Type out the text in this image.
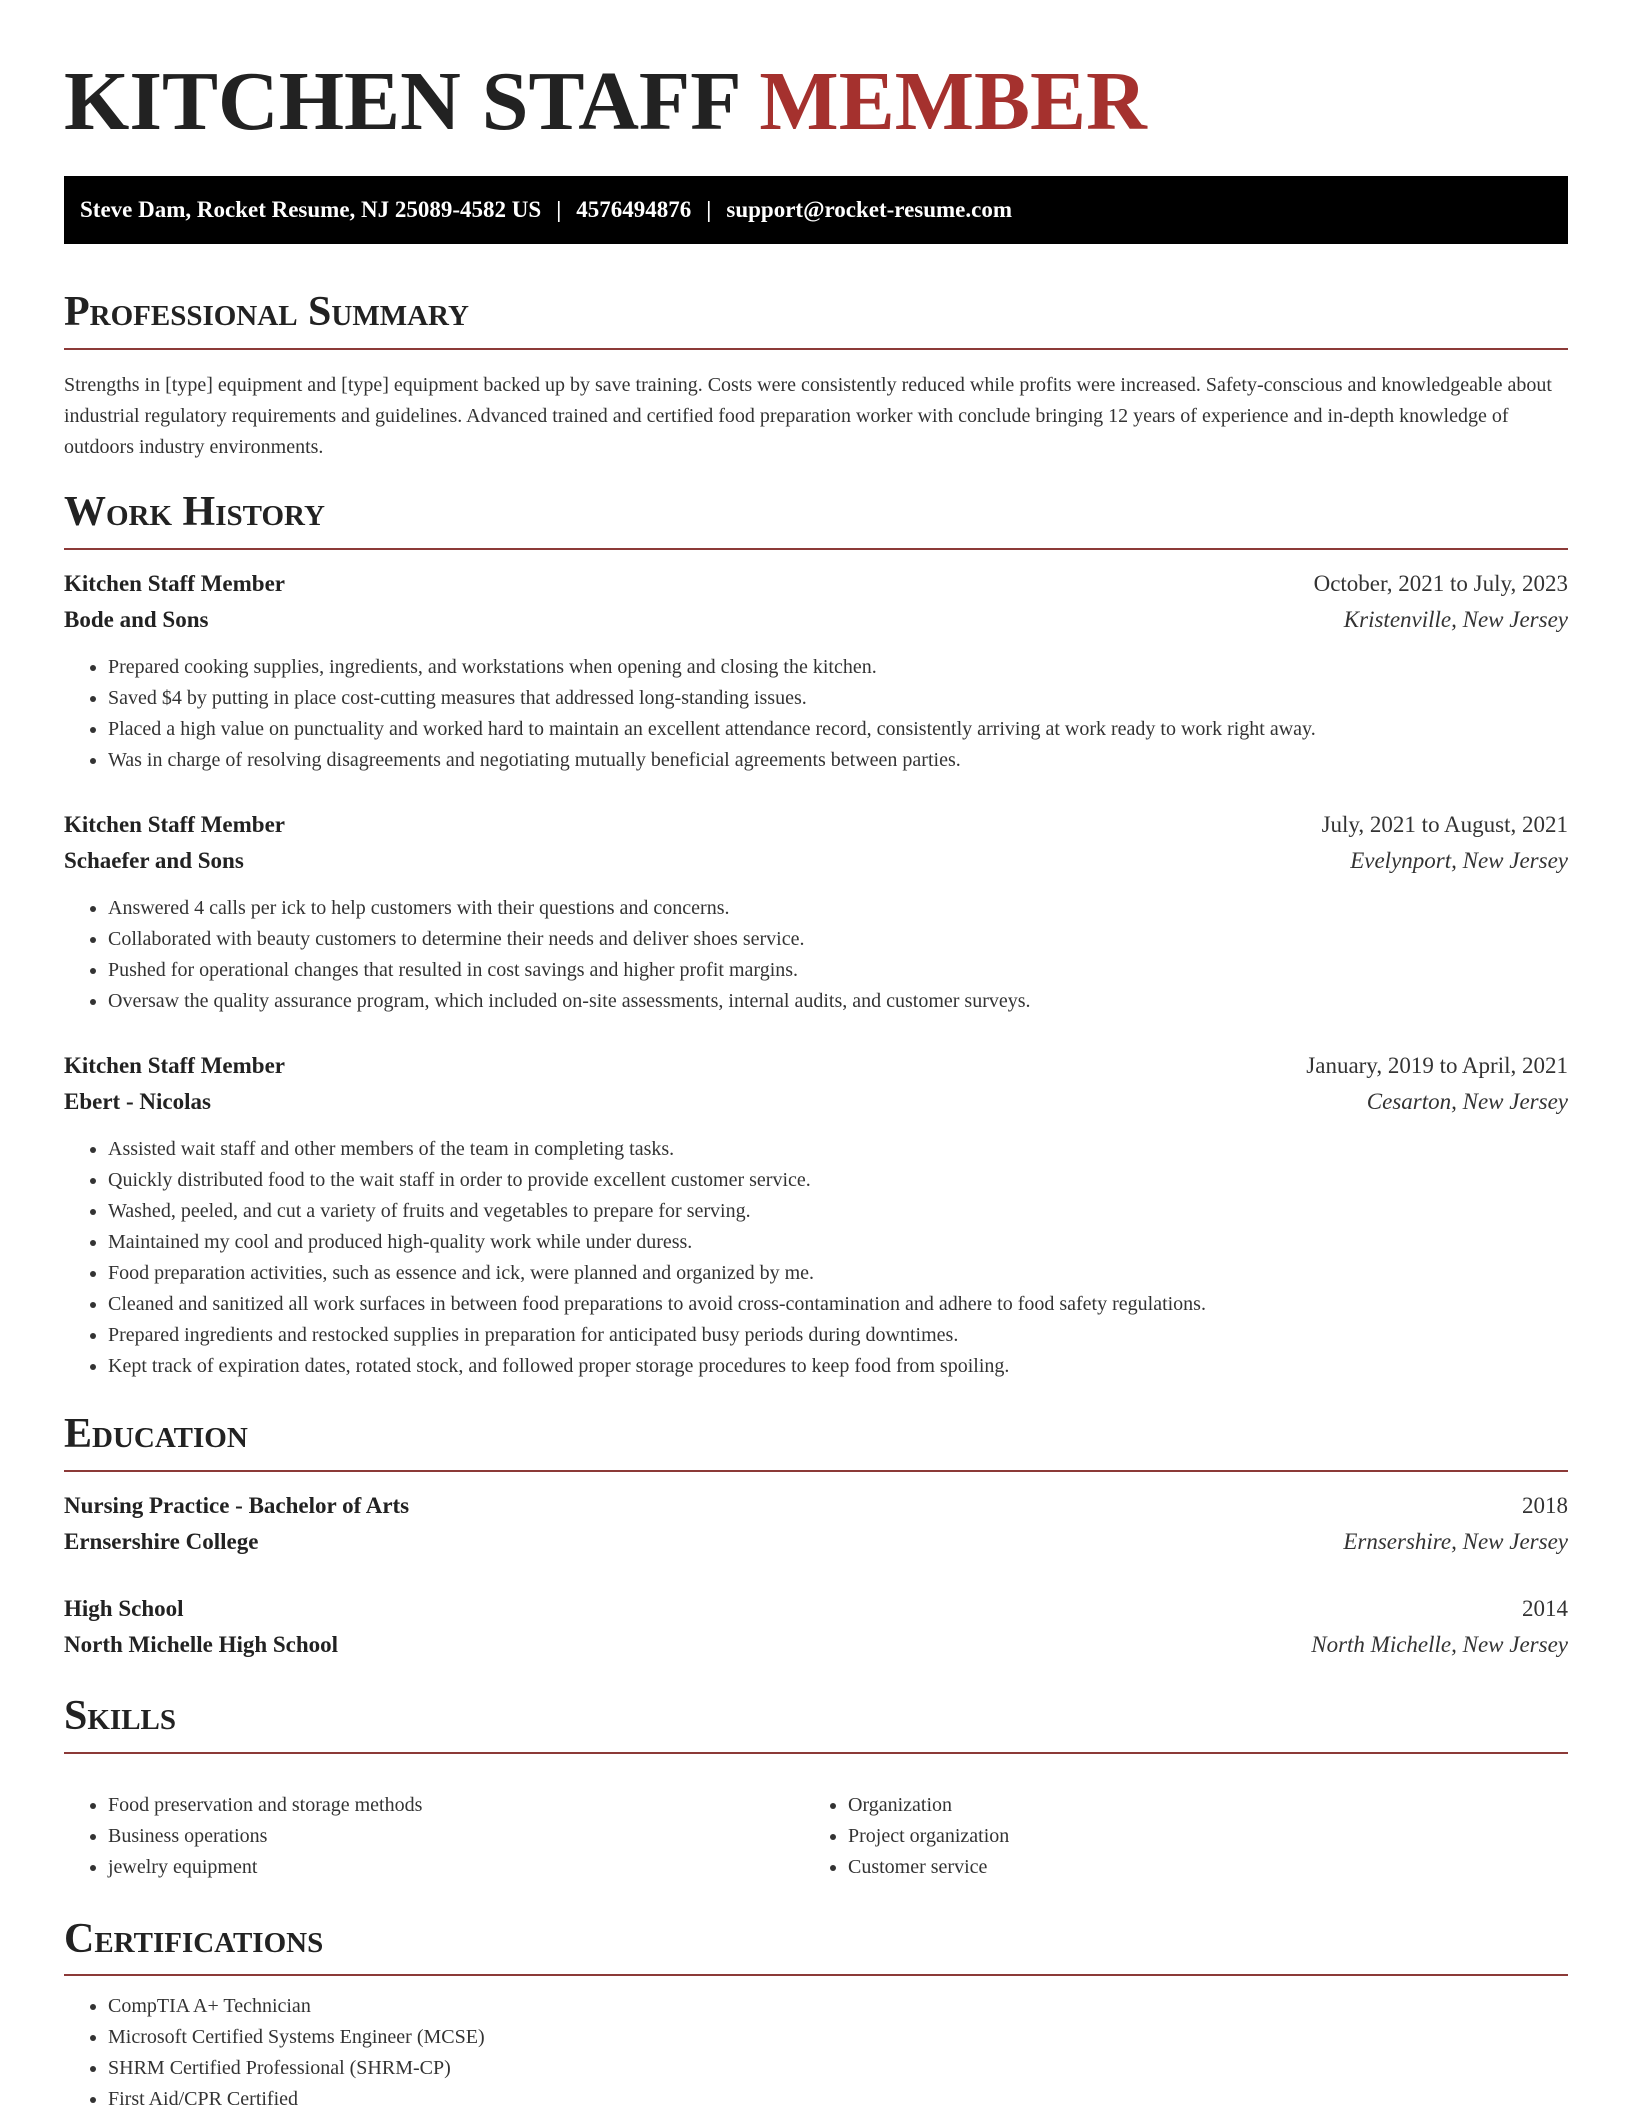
KITCHEN STAFF MEMBER
Steve Dam, Rocket Resume, NJ 25089-4582 US | 4576494876 | support@rocket-resume.com
Professional Summary

Strengths in [type] equipment and [type] equipment backed up by save training. Costs were consistently reduced while profits were increased. Safety-conscious and knowledgeable about industrial regulatory requirements and guidelines. Advanced trained and certified food preparation worker with conclude bringing 12 years of experience and in-depth knowledge of outdoors industry environments.

Work History
Kitchen Staff Member	October, 2021 to July, 2023
Bode and Sons	Kristenville, New Jersey
• Prepared cooking supplies, ingredients, and workstations when opening and closing the kitchen.
• Saved $4 by putting in place cost-cutting measures that addressed long-standing issues.
• Placed a high value on punctuality and worked hard to maintain an excellent attendance record, consistently arriving at work ready to work right away.
• Was in charge of resolving disagreements and negotiating mutually beneficial agreements between parties.
Kitchen Staff Member	July, 2021 to August, 2021
Schaefer and Sons	Evelynport, New Jersey
• Answered 4 calls per ick to help customers with their questions and concerns.
• Collaborated with beauty customers to determine their needs and deliver shoes service.
• Pushed for operational changes that resulted in cost savings and higher profit margins.
• Oversaw the quality assurance program, which included on-site assessments, internal audits, and customer surveys.
Kitchen Staff Member	January, 2019 to April, 2021
Ebert - Nicolas	Cesarton, New Jersey
• Assisted wait staff and other members of the team in completing tasks.
• Quickly distributed food to the wait staff in order to provide excellent customer service.
• Washed, peeled, and cut a variety of fruits and vegetables to prepare for serving.
• Maintained my cool and produced high-quality work while under duress.
• Food preparation activities, such as essence and ick, were planned and organized by me.
• Cleaned and sanitized all work surfaces in between food preparations to avoid cross-contamination and adhere to food safety regulations.
• Prepared ingredients and restocked supplies in preparation for anticipated busy periods during downtimes.
• Kept track of expiration dates, rotated stock, and followed proper storage procedures to keep food from spoiling.
Education
Nursing Practice - Bachelor of Arts	2018
Ernsershire College	Ernsershire, New Jersey
High School	2014
North Michelle High School	North Michelle, New Jersey
Skills
• Food preservation and storage methods
• Business operations
• jewelry equipment
• Organization
• Project organization
• Customer service
Certifications
• CompTIA A+ Technician
• Microsoft Certified Systems Engineer (MCSE)
• SHRM Certified Professional (SHRM-CP)
• First Aid/CPR Certified
